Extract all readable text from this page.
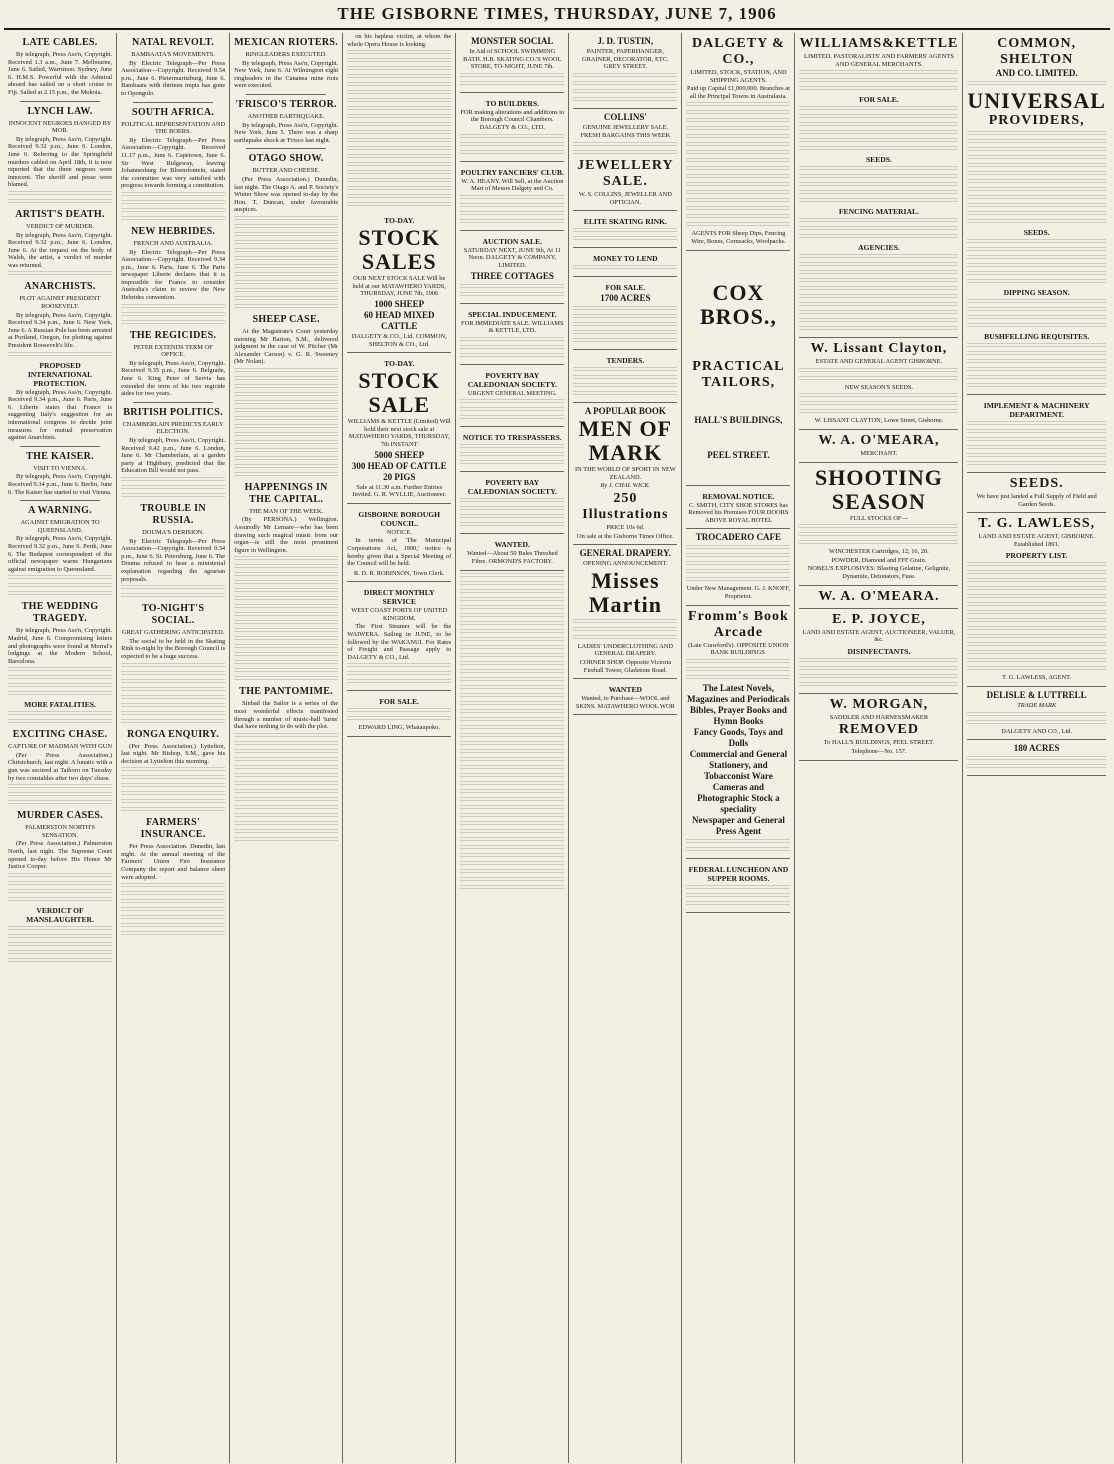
THE GISBORNE TIMES, THURSDAY, JUNE 7, 1906
LATE CABLES.

By telegraph, Press Ass'n, Copyright. Received 1.3 a.m., June 7. Melbourne, June 6. Sailed, Warrimoo. Sydney, June 6. H.M.S. Powerful with the Admiral aboard has sailed on a short cruise to Fiji. Sailed at 2.15 p.m., the Mokoia.

LYNCH LAW.
INNOCENT NEGROES HANGED BY MOB.

By telegraph, Press Ass'n, Copyright. Received 9.32 p.m., June 6. London, June 6. Referring to the Springfield murders cabled on April 18th, it is now reported that the three negroes were innocent. The sheriff and posse were blamed.

ARTIST'S DEATH.
VERDICT OF MURDER.

By telegraph, Press Ass'n, Copyright. Received 9.32 p.m., June 6. London, June 6. At the inquest on the body of Walsh, the artist, a verdict of murder was returned.

ANARCHISTS.
PLOT AGAINST PRESIDENT ROOSEVELT.

By telegraph, Press Ass'n, Copyright. Received 9.34 p.m., June 6. New York, June 6. A Russian Pole has been arrested at Portland, Oregon, for plotting against President Roosevelt's life.

PROPOSED INTERNATIONAL PROTECTION.

By telegraph, Press Ass'n, Copyright. Received 9.34 p.m., June 6. Paris, June 6. Liberte states that France is suggesting Italy's suggestion for an international congress to decide joint measures for mutual preservation against Anarchists.

THE KAISER.
VISIT TO VIENNA.

By telegraph, Press Ass'n, Copyright. Received 9.34 p.m., June 6. Berlin, June 6. The Kaiser has started to visit Vienna.

A WARNING.
AGAINST EMIGRATION TO QUEENSLAND.

By telegraph, Press Ass'n, Copyright. Received 9.32 p.m., June 6. Perth, June 6. The Budapest correspondent of the official newspaper warns Hungarians against emigration to Queensland.

THE WEDDING TRAGEDY.

By telegraph, Press Ass'n, Copyright. Madrid, June 6. Compromising letters and photographs were found at Morral's lodgings at the Modern School, Barcelona.

MORE FATALITIES.
EXCITING CHASE.
CAPTURE OF MADMAN WITH GUN

(Per Press Association.) Christchurch, last night. A lunatic with a gun was secured at Taihoro on Tuesday by two constables after two days' chase.

MURDER CASES.
PALMERSTON NORTH'S SENSATION.

(Per Press Association.) Palmerston North, last night. The Supreme Court opened to-day before His Honor Mr Justice Cooper.

VERDICT OF MANSLAUGHTER.
NATAL REVOLT.
BAMBAATA'S MOVEMENTS.

By Electric Telegraph—Per Press Association—Copyright. Received 9.54 p.m., June 6. Pietermaritzburg, June 6. Bambaata with thirteen impis has gone to Opongolo.

SOUTH AFRICA.
POLITICAL REPRESENTATION AND THE BOERS.

By Electric Telegraph—Per Press Association—Copyright. Received 11.17 p.m., June 6. Capetown, June 6. Sir West Ridgeway, leaving Johannesburg for Bloemfontein, stated the committee was very satisfied with progress towards forming a constitution.

NEW HEBRIDES.
FRENCH AND AUSTRALIA.

By Electric Telegraph—Per Press Association—Copyright. Received 9.34 p.m., June 6. Paris, June 6. The Paris newspaper Liberte declares that it is impossible for France to consider Australia's claim to review the New Hebrides convention.

THE REGICIDES.
PETER EXTENDS TERM OF OFFICE.

By telegraph, Press Ass'n, Copyright. Received 9.35 p.m., June 6. Belgrade, June 6. King Peter of Servia has extended the term of his two regicide aides for two years.

BRITISH POLITICS.
CHAMBERLAIN PREDICTS EARLY ELECTION.

By telegraph, Press Ass'n, Copyright. Received 9.42 p.m., June 6. London, June 6. Mr Chamberlain, at a garden party at Highbury, predicted that the Education Bill would not pass.

TROUBLE IN RUSSIA.
DOUMA'S DERISION.

By Electric Telegraph—Per Press Association—Copyright. Received 9.34 p.m., June 6. St. Petersburg, June 6. The Douma refused to hear a ministerial explanation regarding the agrarian proposals.

TO-NIGHT'S SOCIAL.
GREAT GATHERING ANTICIPATED.

The social to be held in the Skating Rink to-night by the Borough Council is expected to be a huge success.

RONGA ENQUIRY.

(Per Press Association.) Lyttelton, last night. Mr Bishop, S.M., gave his decision at Lyttelton this morning.

FARMERS' INSURANCE.

Per Press Association. Dunedin, last night. At the annual meeting of the Farmers' Union Fire Insurance Company the report and balance sheet were adopted.

MEXICAN RIOTERS.
RINGLEADERS EXECUTED.

By telegraph, Press Ass'n, Copyright. New York, June 6. At Wilmington eight ringleaders in the Cananea mine riots were executed.

'FRISCO'S TERROR.
ANOTHER EARTHQUAKE.

By telegraph, Press Ass'n, Copyright. New York, June 5. There was a sharp earthquake shock at 'Frisco last night.

OTAGO SHOW.
BUTTER AND CHEESE.

(Per Press Association.) Dunedin, last night. The Otago A. and P. Society's Winter Show was opened to-day by the Hon. T. Duncan, under favourable auspices.

SHEEP CASE.

At the Magistrate's Court yesterday morning Mr Barton, S.M., delivered judgment in the case of W. Pitcher (Mr Alexander Carson) v. G. R. Sweeney (Mr Nolan).

HAPPENINGS IN THE CAPITAL.
THE MAN OF THE WEEK.

(By PERSONA.) Wellington. Assuredly Mr Lemare—who has been drawing such magical music from our organ—is still the most prominent figure in Wellington.

THE PANTOMIME.

Sinbad the Sailor is a series of the most wonderful effects manifested through a number of music-hall 'turns' that have nothing to do with the plot.

on his hapless victim, at whom the whole Opera House is looking.

TO-DAY.
STOCK SALES
OUR NEXT STOCK SALE Will be held at our MATAWHERO YARDS, THURSDAY, JUNE 7th, 1906
1000 SHEEP
60 HEAD MIXED CATTLE
DALGETY & CO., Ltd. COMMON, SHELTON & CO., Ltd.
TO-DAY.
STOCK SALE
WILLIAMS & KETTLE (Limited) Will hold their next stock sale at MATAWHERO YARDS, THURSDAY, 7th INSTANT
5000 SHEEP
300 HEAD OF CATTLE
20 PIGS
Sale at 11.30 a.m. Further Entries Invited. G. R. WYLLIE, Auctioneer.
GISBORNE BOROUGH COUNCIL.
NOTICE.

In terms of 'The Municipal Corporations Act, 1900,' notice is hereby given that a Special Meeting of the Council will be held.

R. D. R. ROBINSON, Town Clerk.
DIRECT MONTHLY SERVICE
WEST COAST PORTS OF UNITED KINGDOM.

The First Steamer will be the WAIWERA. Sailing in JUNE, to be followed by the WAKANUI. For Rates of Freight and Passage apply to DALGETY & CO., Ltd.

FOR SALE.
EDWARD LING, Whataupoko.
MONSTER SOCIAL
In Aid of SCHOOL SWIMMING BATH. H.B. SKATING CO.'S WOOL STORE, TO-NIGHT, JUNE 7th.
TO BUILDERS.
FOR making alterations and additions to the Borough Council Chambers. DALGETY & CO., LTD.
POULTRY FANCIERS' CLUB.
W. A. HEANY. Will Sell, at the Auction Mart of Messrs Dalgety and Co.
AUCTION SALE.
SATURDAY NEXT, JUNE 9th, At 11 Noon. DALGETY & COMPANY, LIMITED.
THREE COTTAGES
SPECIAL INDUCEMENT.
FOR IMMEDIATE SALE. WILLIAMS & KETTLE, LTD.
POVERTY BAY CALEDONIAN SOCIETY.
URGENT GENERAL MEETING.
NOTICE TO TRESPASSERS.
POVERTY BAY CALEDONIAN SOCIETY.
WANTED.
Wanted—About 50 Bales Threshed Fibre. ORMOND'S FACTORY.
J. D. TUSTIN,
PAINTER, PAPERHANGER, GRAINER, DECORATOR, ETC. GREY STREET.
COLLINS'
GENUINE JEWELLERY SALE.
FRESH BARGAINS THIS WEEK
JEWELLERY SALE.
W. S. COLLINS, JEWELLER AND OPTICIAN.
ELITE SKATING RINK.
MONEY TO LEND
FOR SALE.
1700 ACRES
TENDERS.
A POPULAR BOOK
MEN OF MARK
IN THE WORLD OF SPORT IN NEW ZEALAND.
By J. CHAL WICK.
250 Illustrations
PRICE 10s 6d.
On sale at the Gisborne Times Office.
GENERAL DRAPERY.
OPENING ANNOUNCEMENT.
Misses Martin
LADIES' UNDERCLOTHING AND GENERAL DRAPERY.
CORNER SHOP. Opposite Victoria Fireball Tower, Gladstone Road.
WANTED
Wanted, to Purchase—WOOL and SKINS. MATAWHERO WOOL WOR
DALGETY & CO.,
LIMITED, STOCK, STATION, AND SHIPPING AGENTS.
Paid up Capital £1,000,000. Branches at all the Principal Towns in Australasia.
AGENTS FOR Sheep Dips, Fencing Wire, Bones, Cornsacks, Woolpacks.
COX BROS.,
PRACTICAL TAILORS,
HALL'S BUILDINGS,
PEEL STREET.
REMOVAL NOTICE.
C. SMITH, CITY SHOE STORES has Removed his Premises FOUR DOORS ABOVE ROYAL HOTEL
TROCADERO CAFE
Under New Management. G. J. KNOFF, Proprietor.
Fromm's Book Arcade
(Late Crawford's). OPPOSITE UNION BANK BUILDINGS.
The Latest Novels, Magazines and Periodicals
Bibles, Prayer Books and Hymn Books
Fancy Goods, Toys and Dolls
Commercial and General Stationery, and Tobacconist Ware
Cameras and Photographic Stock a speciality
Newspaper and General Press Agent
FEDERAL LUNCHEON AND SUPPER ROOMS.
WILLIAMS&KETTLE
LIMITED. PASTORALISTS' AND FARMERS' AGENTS AND GENERAL MERCHANTS.
FOR SALE.
SEEDS.
FENCING MATERIAL.
AGENCIES.
W. Lissant Clayton,
ESTATE AND GENERAL AGENT GISBORNE.
NEW SEASON'S SEEDS.
W. LISSANT CLAYTON, Lowe Street, Gisborne.
W. A. O'MEARA,
MERCHANT.
SHOOTING
SEASON
FULL STOCKS OF—
WINCHESTER Cartridges, 12, 16, 20.
POWDER, Diamond and FFF Grain.
NOBEL'S EXPLOSIVES: Blasting Gelatine, Gelignite, Dynamite, Detonators, Fuse.
W. A. O'MEARA.
E. P. JOYCE,
LAND AND ESTATE AGENT, AUCTIONEER, VALUER, &c.
DISINFECTANTS.
W. MORGAN,
SADDLER AND HARNESSMAKER
REMOVED
To HALL'S BUILDINGS, PEEL STREET.
Telephone—No. 157.
COMMON, SHELTON
AND CO. LIMITED.
UNIVERSAL
PROVIDERS,
SEEDS.
DIPPING SEASON.
BUSHFELLING REQUISITES.
IMPLEMENT & MACHINERY DEPARTMENT.
SEEDS.
We have just landed a Full Supply of Field and Garden Seeds.
T. G. LAWLESS,
LAND AND ESTATE AGENT, GISBORNE. Established 1891.
PROPERTY LIST.
T. G. LAWLESS, AGENT.
DELISLE & LUTTRELL
TRADE MARK
DALGETY AND CO., Ltd.
180 ACRES
